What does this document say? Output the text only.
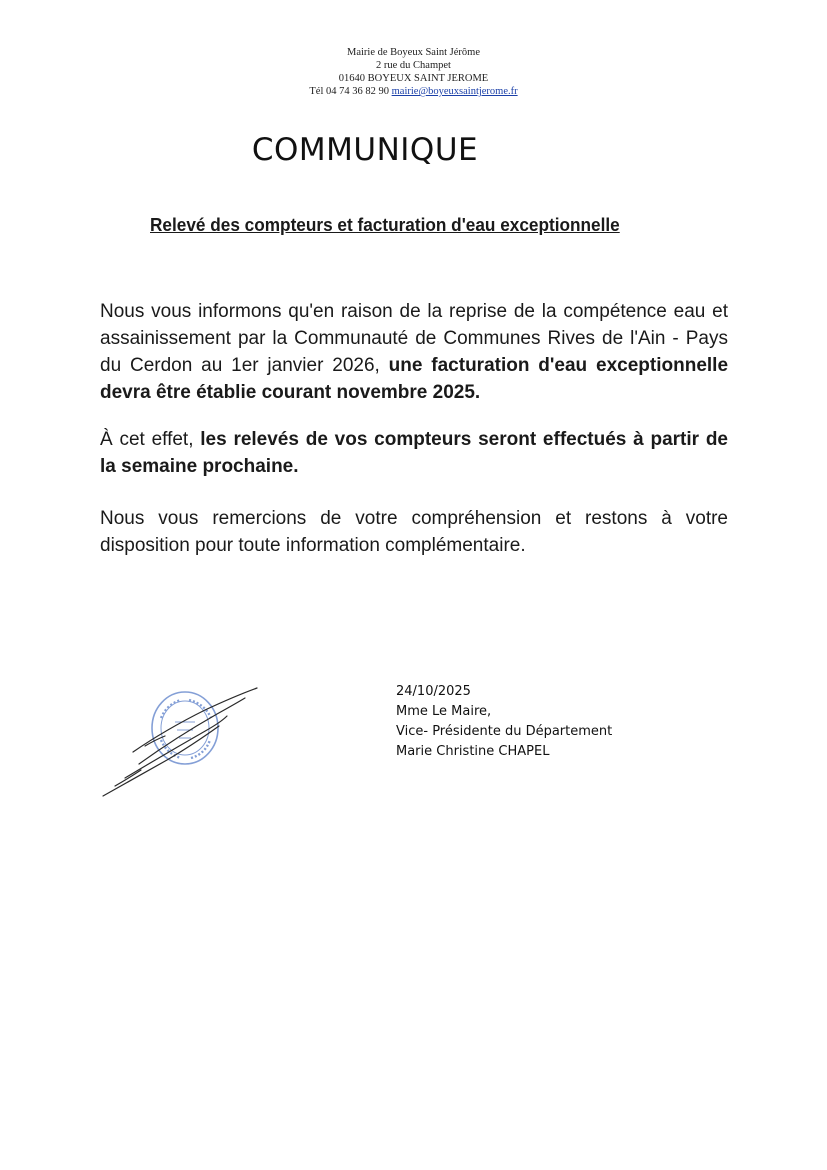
Mairie de Boyeux Saint Jérôme
2 rue du Champet
01640 BOYEUX SAINT JEROME
Tél 04 74 36 82 90 mairie@boyeuxsaintjerome.fr
COMMUNIQUE
Relevé des compteurs et facturation d'eau exceptionnelle

Nous vous informons qu'en raison de la reprise de la compétence eau et assainissement par la Communauté de Communes Rives de l'Ain - Pays du Cerdon au 1er janvier 2026, une facturation d'eau exceptionnelle devra être établie courant novembre 2025.

À cet effet, les relevés de vos compteurs seront effectués à partir de la semaine prochaine.

Nous vous remercions de votre compréhension et restons à votre disposition pour toute information complémentaire.

24/10/2025
Mme Le Maire,
Vice- Présidente du Département
Marie Christine CHAPEL
